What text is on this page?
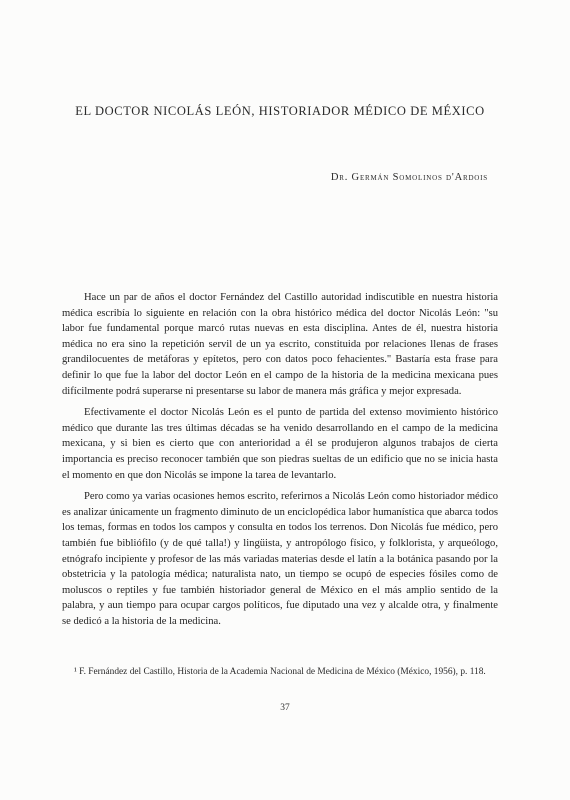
EL DOCTOR NICOLÁS LEÓN, HISTORIADOR MÉDICO DE MÉXICO
Dr. Germán Somolinos d'Ardois

Hace un par de años el doctor Fernández del Castillo autoridad indiscutible en nuestra historia médica escribía lo siguiente en relación con la obra histórico médica del doctor Nicolás León: "su labor fue fundamental porque marcó rutas nuevas en esta disciplina. Antes de él, nuestra historia médica no era sino la repetición servil de un ya escrito, constituida por relaciones llenas de frases grandilocuentes de metáforas y epítetos, pero con datos poco fehacientes." Bastaría esta frase para definir lo que fue la labor del doctor León en el campo de la historia de la medicina mexicana pues difícilmente podrá superarse ni presentarse su labor de manera más gráfica y mejor expresada.

Efectivamente el doctor Nicolás León es el punto de partida del extenso movimiento histórico médico que durante las tres últimas décadas se ha venido desarrollando en el campo de la medicina mexicana, y si bien es cierto que con anterioridad a él se produjeron algunos trabajos de cierta importancia es preciso reconocer también que son piedras sueltas de un edificio que no se inicia hasta el momento en que don Nicolás se impone la tarea de levantarlo.

Pero como ya varias ocasiones hemos escrito, referirnos a Nicolás León como historiador médico es analizar únicamente un fragmento diminuto de un enciclopédica labor humanística que abarca todos los temas, formas en todos los campos y consulta en todos los terrenos. Don Nicolás fue médico, pero también fue bibliófilo (y de qué talla!) y lingüista, y antropólogo físico, y folklorista, y arqueólogo, etnógrafo incipiente y profesor de las más variadas materias desde el latín a la botánica pasando por la obstetricia y la patología médica; naturalista nato, un tiempo se ocupó de especies fósiles como de moluscos o reptiles y fue también historiador general de México en el más amplio sentido de la palabra, y aun tiempo para ocupar cargos políticos, fue diputado una vez y alcalde otra, y finalmente se dedicó a la historia de la medicina.

¹ F. Fernández del Castillo, Historia de la Academia Nacional de Medicina de México (México, 1956), p. 118.

37
